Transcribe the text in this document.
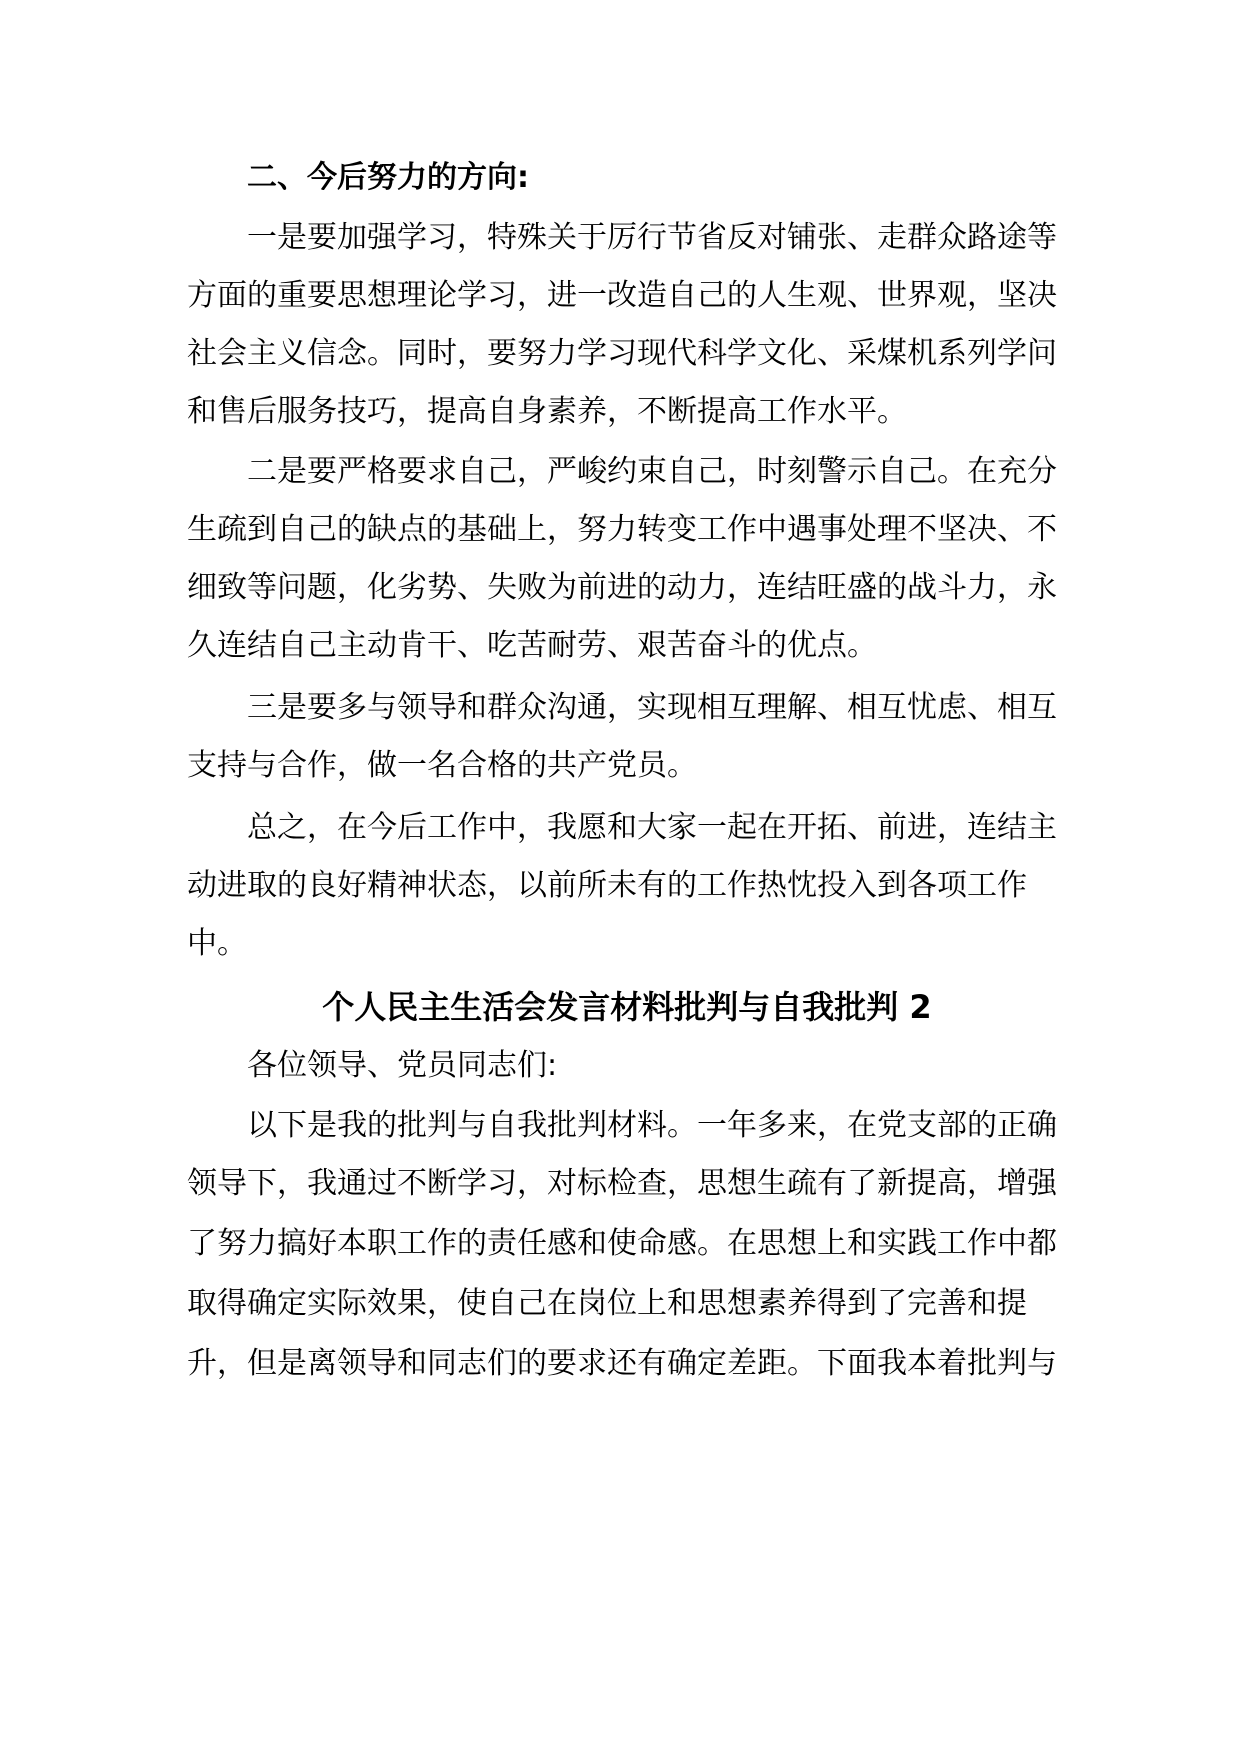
二、今后努力的方向:
一是要加强学习，特殊关于厉行节省反对铺张、走群众路途等
方面的重要思想理论学习，进一改造自己的人生观、世界观，坚决
社会主义信念。同时，要努力学习现代科学文化、采煤机系列学问
和售后服务技巧，提高自身素养，不断提高工作水平。
二是要严格要求自己，严峻约束自己，时刻警示自己。在充分
生疏到自己的缺点的基础上，努力转变工作中遇事处理不坚决、不
细致等问题，化劣势、失败为前进的动力，连结旺盛的战斗力，永
久连结自己主动肯干、吃苦耐劳、艰苦奋斗的优点。
三是要多与领导和群众沟通，实现相互理解、相互忧虑、相互
支持与合作，做一名合格的共产党员。
总之，在今后工作中，我愿和大家一起在开拓、前进，连结主
动进取的良好精神状态，以前所未有的工作热忱投入到各项工作
中。
个人民主生活会发言材料批判与自我批判 2
各位领导、党员同志们:
以下是我的批判与自我批判材料。一年多来，在党支部的正确
领导下，我通过不断学习，对标检查，思想生疏有了新提高，增强
了努力搞好本职工作的责任感和使命感。在思想上和实践工作中都
取得确定实际效果，使自己在岗位上和思想素养得到了完善和提
升，但是离领导和同志们的要求还有确定差距。下面我本着批判与
